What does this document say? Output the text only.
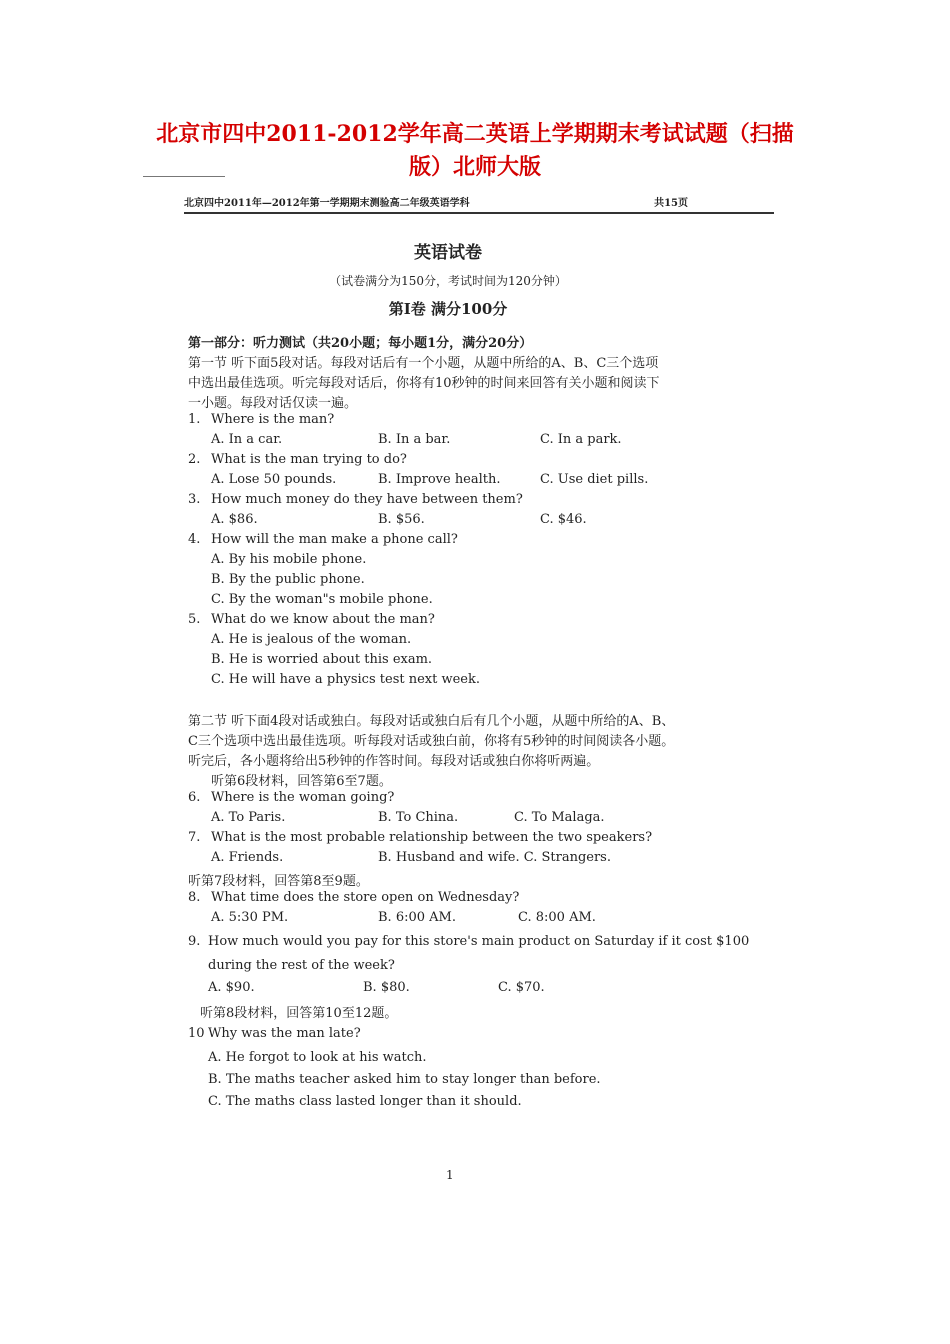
北京市四中2011-2012学年高二英语上学期期末考试试题（扫描
版）北师大版
北京四中2011年—2012年第一学期期末测验高二年级英语学科	共15页
英语试卷
（试卷满分为150分，考试时间为120分钟）
第I卷 满分100分
第一部分：听力测试（共20小题；每小题1分，满分20分）
第一节 听下面5段对话。每段对话后有一个小题，从题中所给的A、B、C三个选项
中选出最佳选项。听完每段对话后，你将有10秒钟的时间来回答有关小题和阅读下
一小题。每段对话仅读一遍。
1. Where is the man?
A. In a car.	B. In a bar.	C. In a park.
2. What is the man trying to do?
A. Lose 50 pounds.	B. Improve health.	C. Use diet pills.
3. How much money do they have between them?
A. $86.	B. $56.	C. $46.
4. How will the man make a phone call?
A. By his mobile phone.
B. By the public phone.
C. By the woman"s mobile phone.
5. What do we know about the man?
A. He is jealous of the woman.
B. He is worried about this exam.
C. He will have a physics test next week.
第二节 听下面4段对话或独白。每段对话或独白后有几个小题，从题中所给的A、B、
C三个选项中选出最佳选项。听每段对话或独白前，你将有5秒钟的时间阅读各小题。
听完后，各小题将给出5秒钟的作答时间。每段对话或独白你将听两遍。
听第6段材料，回答第6至7题。
6. Where is the woman going?
A. To Paris.	B. To China.	C. To Malaga.
7. What is the most probable relationship between the two speakers?
A. Friends.	B. Husband and wife. C. Strangers.
听第7段材料，回答第8至9题。
8. What time does the store open on Wednesday?
A. 5:30 PM.	B. 6:00 AM.	C. 8:00 AM.
9. How much would you pay for this store's main product on Saturday if it cost $100
during the rest of the week?
A. $90.	B. $80.	C. $70.
听第8段材料，回答第10至12题。
10 Why was the man late?
A. He forgot to look at his watch.
B. The maths teacher asked him to stay longer than before.
C. The maths class lasted longer than it should.
1
